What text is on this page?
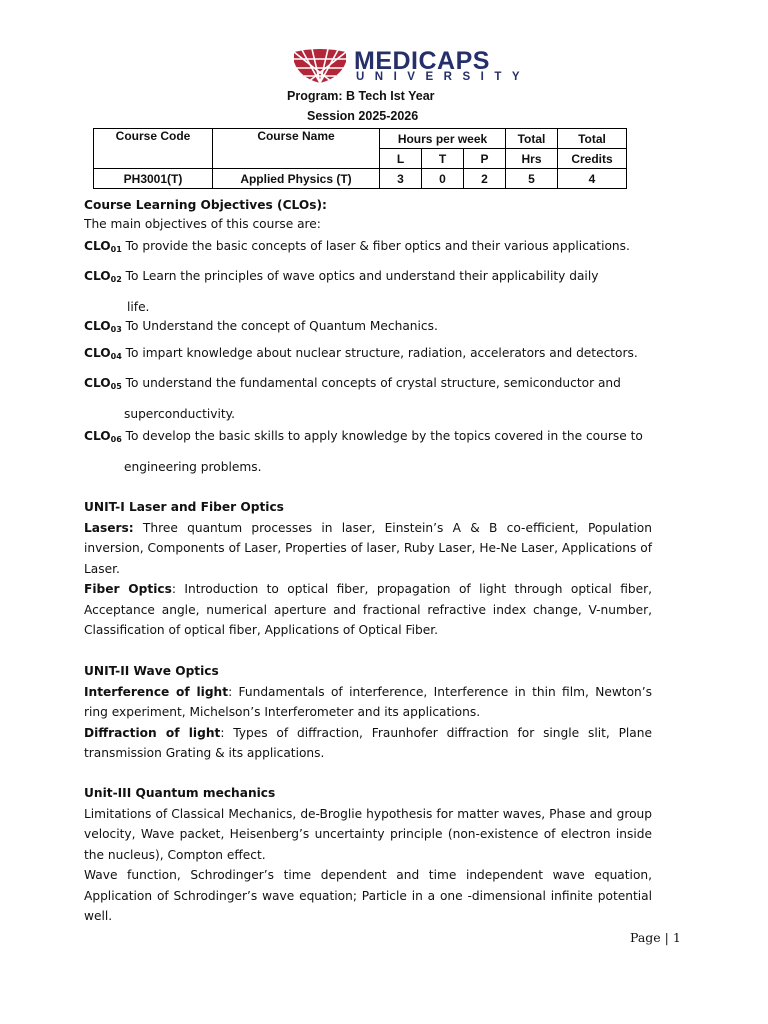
MEDICAPS
UNIVERSITY
Program: B Tech Ist Year
Session 2025-2026
Course Code	Course Name	Hours per week			Total	Total
		L	T	P	Hrs	Credits
PH3001(T)	Applied Physics (T)	3	0	2	5	4
Course Learning Objectives (CLOs):
The main objectives of this course are:
$CLO_{01}$ To provide the basic concepts of laser & fiber optics and their various applications.
$CLO_{02}$ To Learn the principles of wave optics and understand their applicability daily
life.
$CLO_{03}$ To Understand the concept of Quantum Mechanics.
$CLO_{04}$ To impart knowledge about nuclear structure, radiation, accelerators and detectors.
$CLO_{05}$ To understand the fundamental concepts of crystal structure, semiconductor and
superconductivity.
$CLO_{06}$ To develop the basic skills to apply knowledge by the topics covered in the course to
engineering problems.
UNIT-I Laser and Fiber Optics
Lasers: Three quantum processes in laser, Einstein’s A & B co-efficient, Population inversion, Components of Laser, Properties of laser, Ruby Laser, He-Ne Laser, Applications of Laser.
Fiber Optics: Introduction to optical fiber, propagation of light through optical fiber, Acceptance angle, numerical aperture and fractional refractive index change, V-number, Classification of optical fiber, Applications of Optical Fiber.
UNIT-II Wave Optics
Interference of light: Fundamentals of interference, Interference in thin film, Newton’s ring experiment, Michelson’s Interferometer and its applications.
Diffraction of light: Types of diffraction, Fraunhofer diffraction for single slit, Plane transmission Grating & its applications.
Unit-III Quantum mechanics
Limitations of Classical Mechanics, de-Broglie hypothesis for matter waves, Phase and group velocity, Wave packet, Heisenberg’s uncertainty principle (non-existence of electron inside the nucleus), Compton effect.
Wave function, Schrodinger’s time dependent and time independent wave equation, Application of Schrodinger’s wave equation; Particle in a one -dimensional infinite potential well.
Page | 1
